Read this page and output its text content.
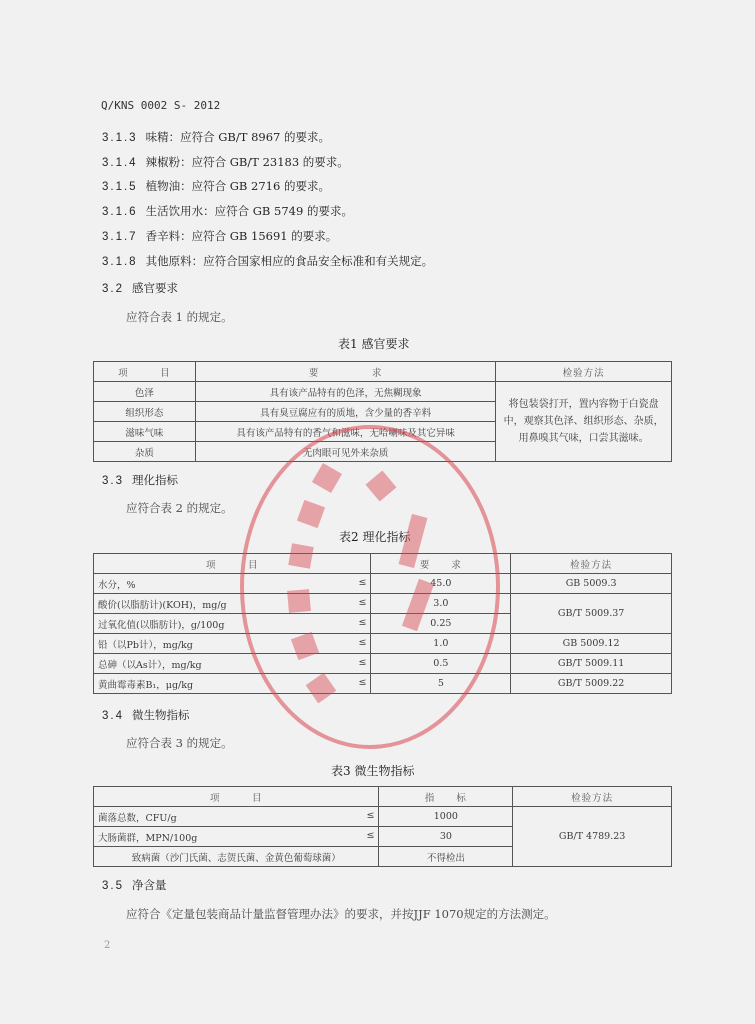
Q/KNS 0002 S- 2012
3.1.3 味精：应符合 GB/T 8967 的要求。
3.1.4 辣椒粉：应符合 GB/T 23183 的要求。
3.1.5 植物油：应符合 GB 2716 的要求。
3.1.6 生活饮用水：应符合 GB 5749 的要求。
3.1.7 香辛料：应符合 GB 15691 的要求。
3.1.8 其他原料：应符合国家相应的食品安全标准和有关规定。
3.2 感官要求
应符合表 1 的规定。
表1 感官要求
项　　　目	要　　　　　求	检验方法
色泽	具有该产品特有的色泽，无焦糊现象	将包装袋打开，置内容物于白瓷盘中，观察其色泽、组织形态、杂质，用鼻嗅其气味，口尝其滋味。
组织形态	具有臭豆腐应有的质地，含少量的香辛料	
滋味气味	具有该产品特有的香气和滋味，无哈喇味及其它异味	
杂质	无肉眼可见外来杂质	
3.3 理化指标
应符合表 2 的规定。
表2 理化指标
项　　　目	要　　求	检验方法
水分，% ≤	45.0	GB 5009.3
酸价(以脂肪计)(KOH)，mg/g ≤	3.0	GB/T 5009.37
过氧化值(以脂肪计)，g/100g ≤	0.25	
铅（以Pb计），mg/kg ≤	1.0	GB 5009.12
总砷（以As计），mg/kg ≤	0.5	GB/T 5009.11
黄曲霉毒素B₁，μg/kg ≤	5	GB/T 5009.22
3.4 微生物指标
应符合表 3 的规定。
表3 微生物指标
项　　　目	指　　标	检验方法
菌落总数，CFU/g ≤	1000	GB/T 4789.23
大肠菌群，MPN/100g ≤	30	
致病菌（沙门氏菌、志贺氏菌、金黄色葡萄球菌）	不得检出	
3.5 净含量
应符合《定量包装商品计量监督管理办法》的要求，并按JJF 1070规定的方法测定。
2
